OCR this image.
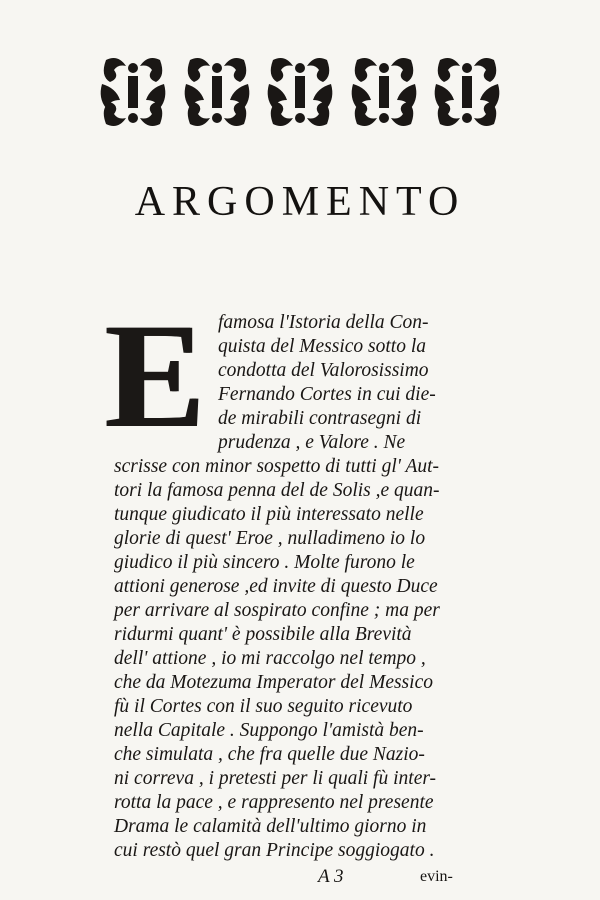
ARGOMENTO
E famosa l'Istoria della Con-
quista del Messico sotto la
condotta del Valorosissimo
Fernando Cortes in cui die-
de mirabili contrasegni di
prudenza , e Valore . Ne
scrisse con minor sospetto di tutti gl' Aut-
tori la famosa penna del de Solis ,e quan-
tunque giudicato il più interessato nelle
glorie di quest' Eroe , nulladimeno io lo
giudico il più sincero . Molte furono le
attioni generose ,ed invite di questo Duce
per arrivare al sospirato confine ; ma per
ridurmi quant' è possibile alla Brevità
dell' attione , io mi raccolgo nel tempo ,
che da Motezuma Imperator del Messico
fù il Cortes con il suo seguito ricevuto
nella Capitale . Suppongo l'amistà ben-
che simulata , che fra quelle due Nazio-
ni correva , i pretesti per li quali fù inter-
rotta la pace , e rappresento nel presente
Drama le calamità dell'ultimo giorno in
cui restò quel gran Principe soggiogato .
A 3	evin-
